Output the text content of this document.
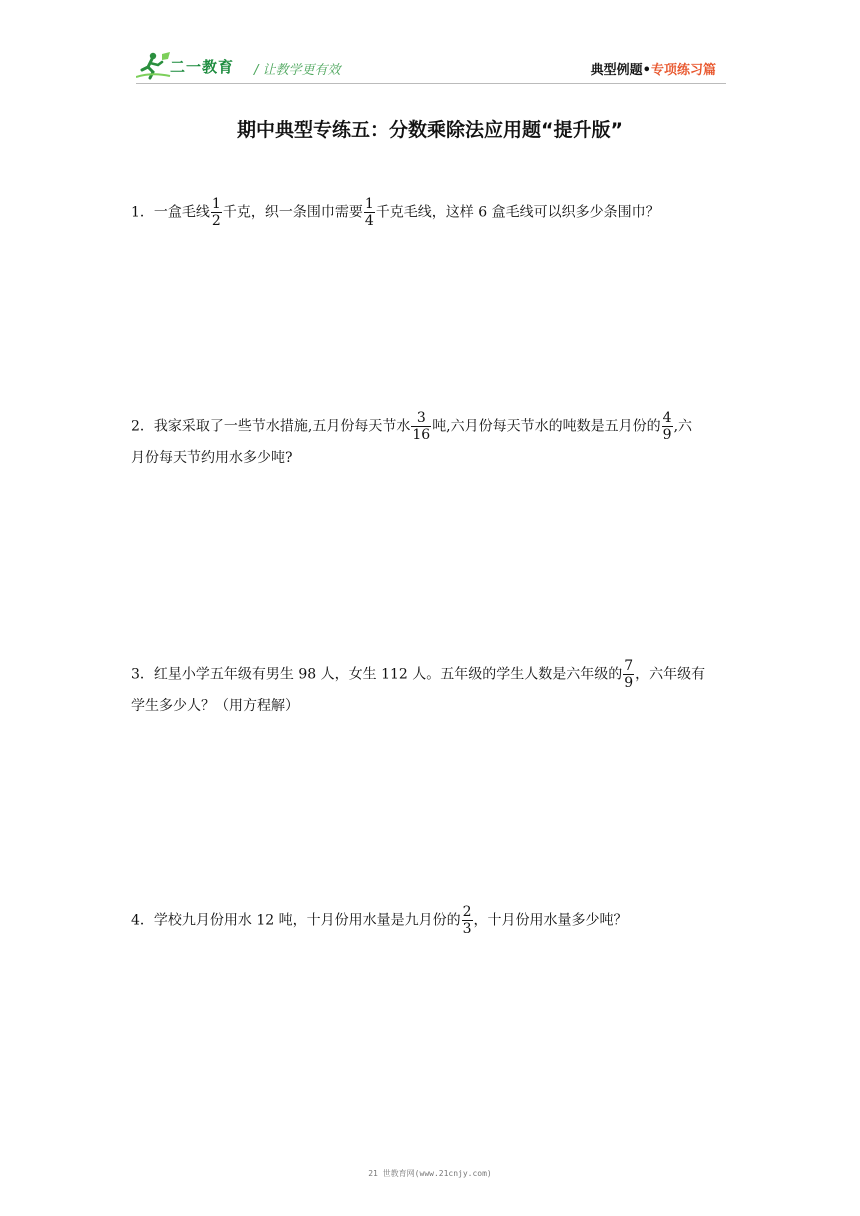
二一教育 / 让教学更有效	典型例题•专项练习篇
期中典型专练五：分数乘除法应用题“提升版”
1．一盒毛线 $\frac{1}{2}$ 千克，织一条围巾需要 $\frac{1}{4}$ 千克毛线，这样 6 盒毛线可以织多少条围巾？
2．我家采取了一些节水措施,五月份每天节水 $\frac{3}{16}$ 吨,六月份每天节水的吨数是五月份的 $\frac{4}{9}$ ,六
月份每天节约用水多少吨?
3．红星小学五年级有男生 98 人，女生 112 人。五年级的学生人数是六年级的 $\frac{7}{9}$ ，六年级有
学生多少人？（用方程解）
4．学校九月份用水 12 吨，十月份用水量是九月份的 $\frac{2}{3}$ ，十月份用水量多少吨？
21 世教育网(www.21cnjy.com)
